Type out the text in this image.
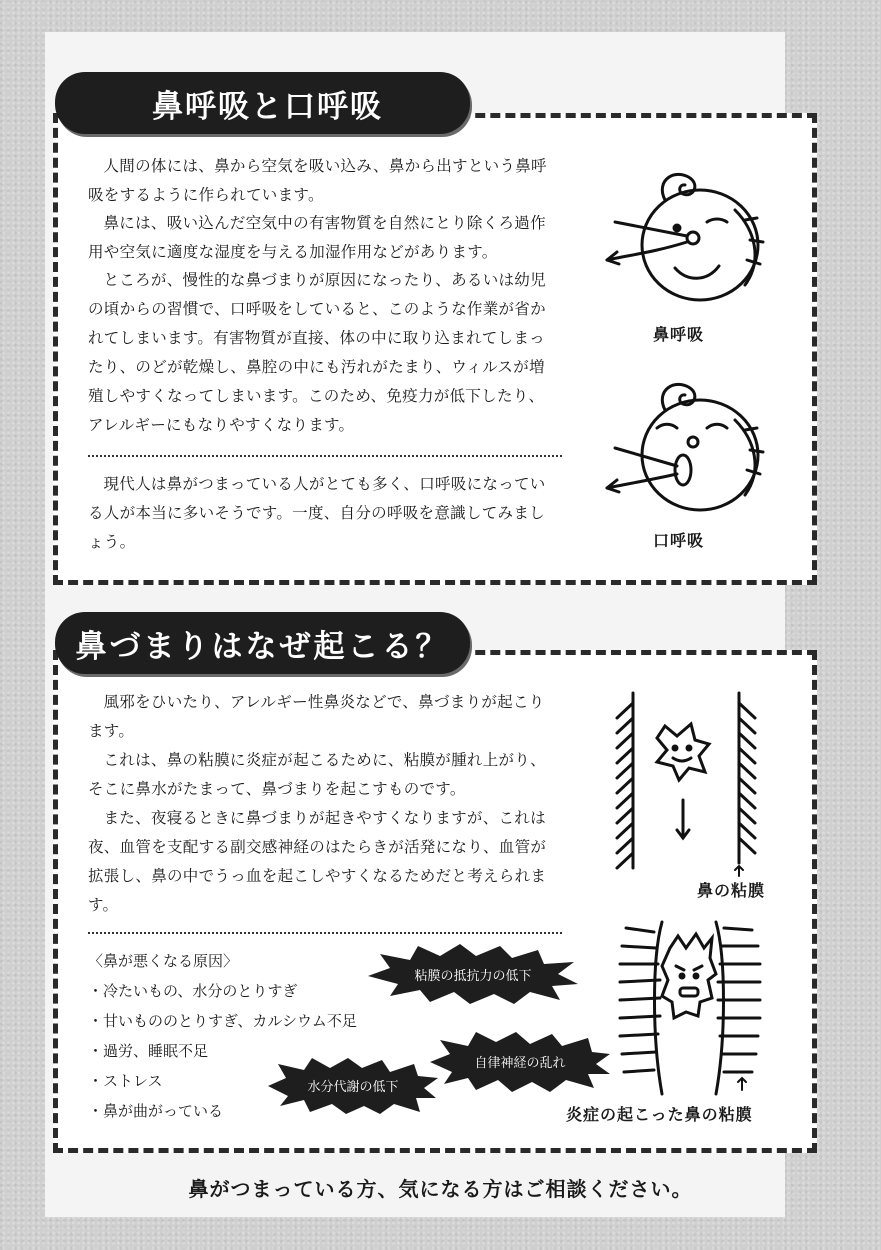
鼻呼吸と口呼吸

人間の体には、鼻から空気を吸い込み、鼻から出すという鼻呼吸をするように作られています。

鼻には、吸い込んだ空気中の有害物質を自然にとり除くろ過作用や空気に適度な湿度を与える加湿作用などがあります。

ところが、慢性的な鼻づまりが原因になったり、あるいは幼児の頃からの習慣で、口呼吸をしていると、このような作業が省かれてしまいます。有害物質が直接、体の中に取り込まれてしまったり、のどが乾燥し、鼻腔の中にも汚れがたまり、ウィルスが増殖しやすくなってしまいます。このため、免疫力が低下したり、アレルギーにもなりやすくなります。

現代人は鼻がつまっている人がとても多く、口呼吸になっている人が本当に多いそうです。一度、自分の呼吸を意識してみましょう。

鼻呼吸
口呼吸
鼻づまりはなぜ起こる？

風邪をひいたり、アレルギー性鼻炎などで、鼻づまりが起こります。

これは、鼻の粘膜に炎症が起こるために、粘膜が腫れ上がり、そこに鼻水がたまって、鼻づまりを起こすものです。

また、夜寝るときに鼻づまりが起きやすくなりますが、これは夜、血管を支配する副交感神経のはたらきが活発になり、血管が拡張し、鼻の中でうっ血を起こしやすくなるためだと考えられます。

〈鼻が悪くなる原因〉
・冷たいもの、水分のとりすぎ
・甘いもののとりすぎ、カルシウム不足
・過労、睡眠不足
・ストレス
・鼻が曲がっている
粘膜の抵抗力の低下
自律神経の乱れ
水分代謝の低下
鼻の粘膜
炎症の起こった鼻の粘膜
鼻がつまっている方、気になる方はご相談ください。
